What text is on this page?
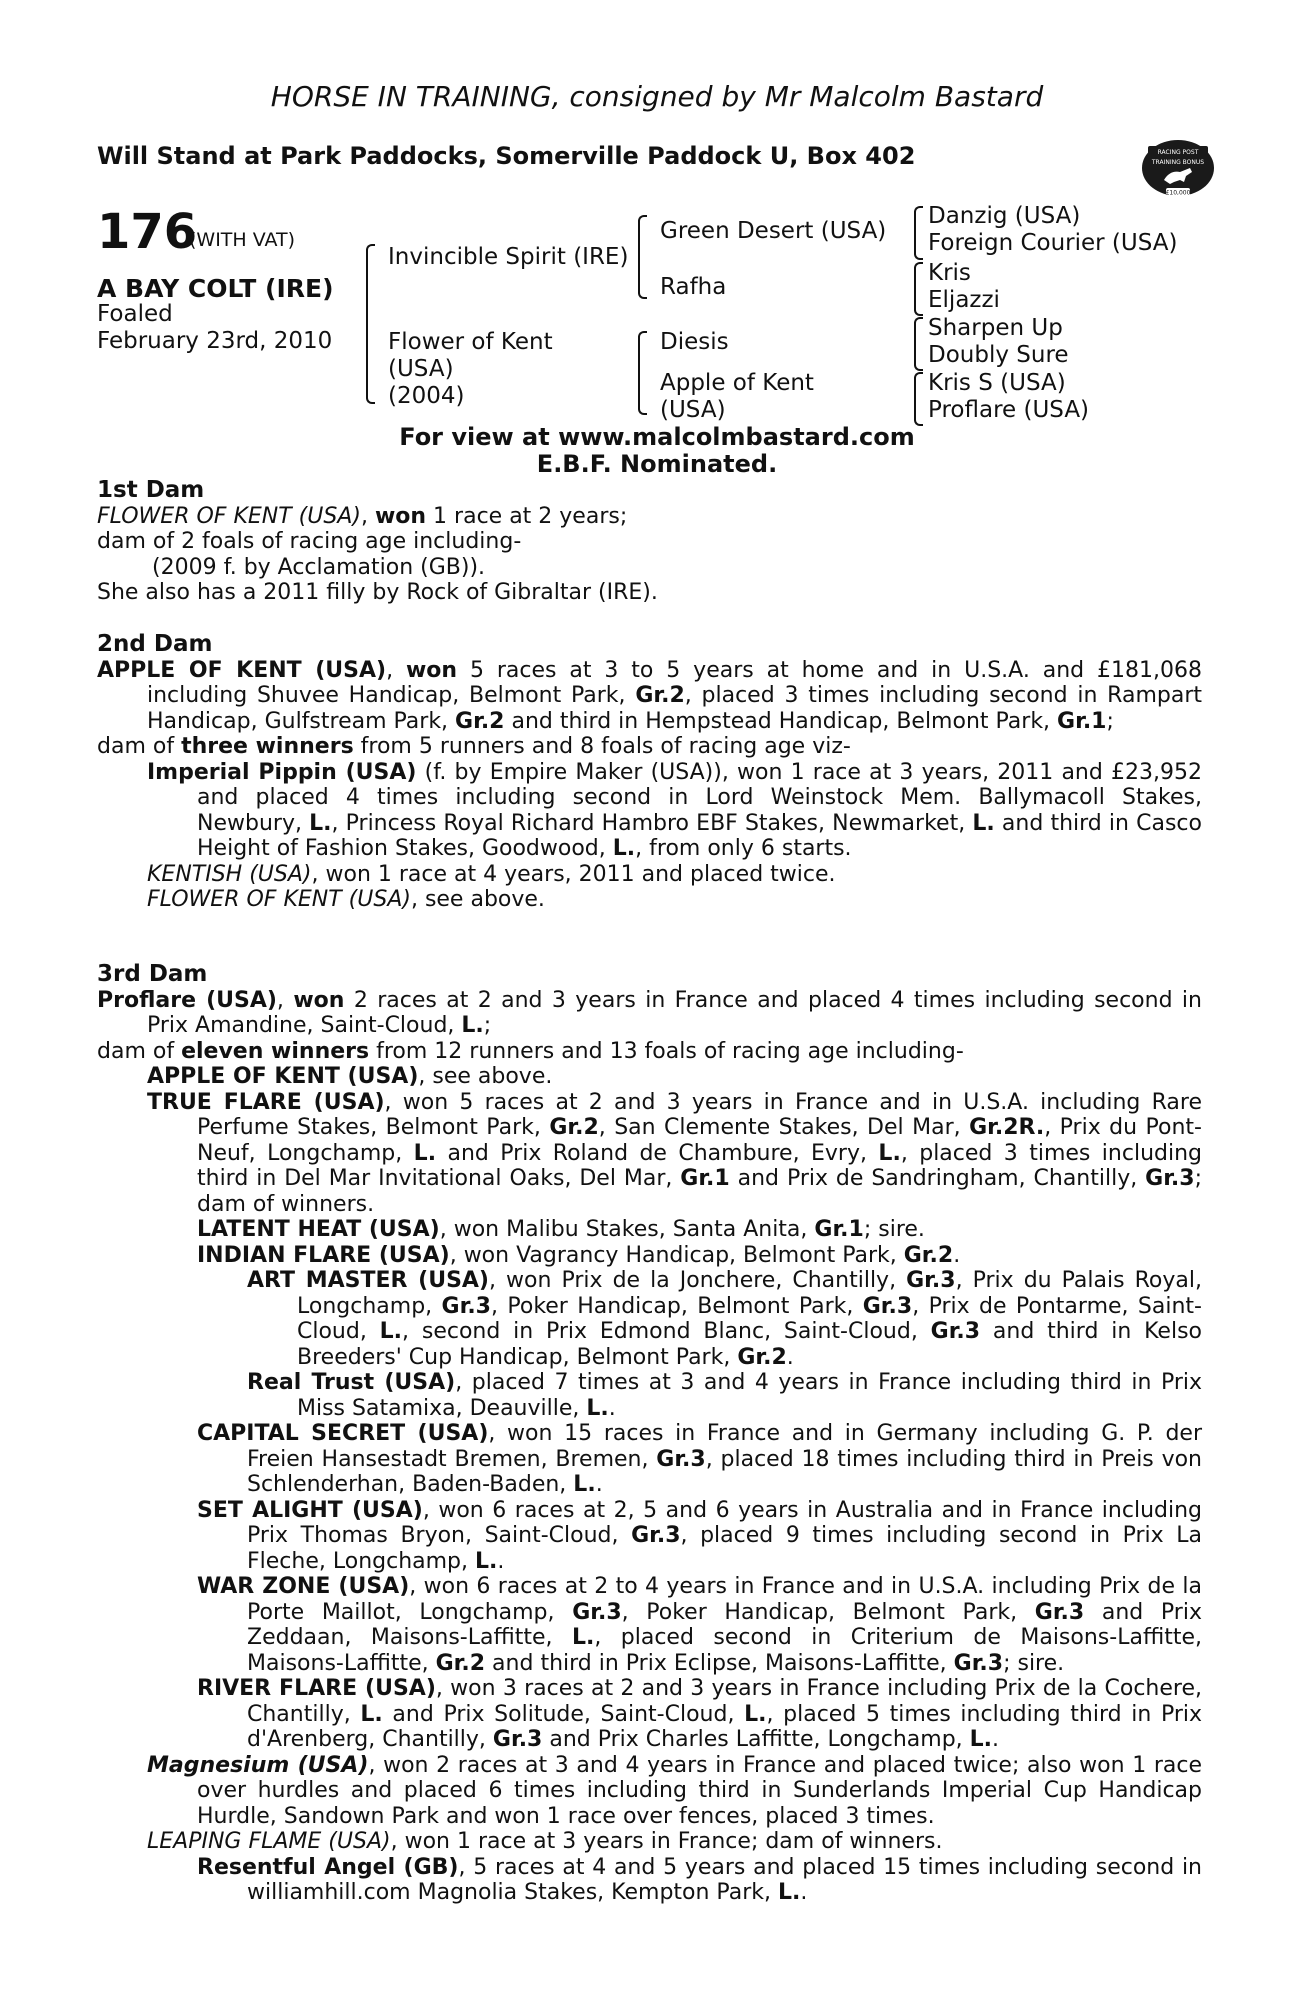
HORSE IN TRAINING, consigned by Mr Malcolm Bastard
Will Stand at Park Paddocks, Somerville Paddock U, Box 402	RACING POST
TRAINING BONUS
£10,000
176
(WITH VAT)
A BAY COLT (IRE)
Foaled
February 23rd, 2010
Invincible Spirit (IRE)
Flower of Kent
(USA)
(2004)
Green Desert (USA)
Rafha
Diesis
Apple of Kent
(USA)
Danzig (USA)
Foreign Courier (USA)
Kris
Eljazzi
Sharpen Up
Doubly Sure
Kris S (USA)
Proflare (USA)
For view at www.malcolmbastard.com
E.B.F. Nominated.

1st Dam

FLOWER OF KENT (USA), won 1 race at 2 years;

dam of 2 foals of racing age including-

(2009 f. by Acclamation (GB)).

She also has a 2011 filly by Rock of Gibraltar (IRE).

2nd Dam

APPLE OF KENT (USA), won 5 races at 3 to 5 years at home and in U.S.A. and £181,068 including Shuvee Handicap, Belmont Park, Gr.2, placed 3 times including second in Rampart Handicap, Gulfstream Park, Gr.2 and third in Hempstead Handicap, Belmont Park, Gr.1;

dam of three winners from 5 runners and 8 foals of racing age viz-

Imperial Pippin (USA) (f. by Empire Maker (USA)), won 1 race at 3 years, 2011 and £23,952 and placed 4 times including second in Lord Weinstock Mem. Ballymacoll Stakes, Newbury, L., Princess Royal Richard Hambro EBF Stakes, Newmarket, L. and third in Casco Height of Fashion Stakes, Goodwood, L., from only 6 starts.

KENTISH (USA), won 1 race at 4 years, 2011 and placed twice.

FLOWER OF KENT (USA), see above.

3rd Dam

Proflare (USA), won 2 races at 2 and 3 years in France and placed 4 times including second in Prix Amandine, Saint-Cloud, L.;

dam of eleven winners from 12 runners and 13 foals of racing age including-

APPLE OF KENT (USA), see above.

TRUE FLARE (USA), won 5 races at 2 and 3 years in France and in U.S.A. including Rare Perfume Stakes, Belmont Park, Gr.2, San Clemente Stakes, Del Mar, Gr.2R., Prix du Pont-Neuf, Longchamp, L. and Prix Roland de Chambure, Evry, L., placed 3 times including third in Del Mar Invitational Oaks, Del Mar, Gr.1 and Prix de Sandringham, Chantilly, Gr.3; dam of winners.

LATENT HEAT (USA), won Malibu Stakes, Santa Anita, Gr.1; sire.

INDIAN FLARE (USA), won Vagrancy Handicap, Belmont Park, Gr.2.

ART MASTER (USA), won Prix de la Jonchere, Chantilly, Gr.3, Prix du Palais Royal, Longchamp, Gr.3, Poker Handicap, Belmont Park, Gr.3, Prix de Pontarme, Saint-Cloud, L., second in Prix Edmond Blanc, Saint-Cloud, Gr.3 and third in Kelso Breeders' Cup Handicap, Belmont Park, Gr.2.

Real Trust (USA), placed 7 times at 3 and 4 years in France including third in Prix Miss Satamixa, Deauville, L..

CAPITAL SECRET (USA), won 15 races in France and in Germany including G. P. der Freien Hansestadt Bremen, Bremen, Gr.3, placed 18 times including third in Preis von Schlenderhan, Baden-Baden, L..

SET ALIGHT (USA), won 6 races at 2, 5 and 6 years in Australia and in France including Prix Thomas Bryon, Saint-Cloud, Gr.3, placed 9 times including second in Prix La Fleche, Longchamp, L..

WAR ZONE (USA), won 6 races at 2 to 4 years in France and in U.S.A. including Prix de la Porte Maillot, Longchamp, Gr.3, Poker Handicap, Belmont Park, Gr.3 and Prix Zeddaan, Maisons-Laffitte, L., placed second in Criterium de Maisons-Laffitte, Maisons-Laffitte, Gr.2 and third in Prix Eclipse, Maisons-Laffitte, Gr.3; sire.

RIVER FLARE (USA), won 3 races at 2 and 3 years in France including Prix de la Cochere, Chantilly, L. and Prix Solitude, Saint-Cloud, L., placed 5 times including third in Prix d'Arenberg, Chantilly, Gr.3 and Prix Charles Laffitte, Longchamp, L..

Magnesium (USA), won 2 races at 3 and 4 years in France and placed twice; also won 1 race over hurdles and placed 6 times including third in Sunderlands Imperial Cup Handicap Hurdle, Sandown Park and won 1 race over fences, placed 3 times.

LEAPING FLAME (USA), won 1 race at 3 years in France; dam of winners.

Resentful Angel (GB), 5 races at 4 and 5 years and placed 15 times including second in williamhill.com Magnolia Stakes, Kempton Park, L..
